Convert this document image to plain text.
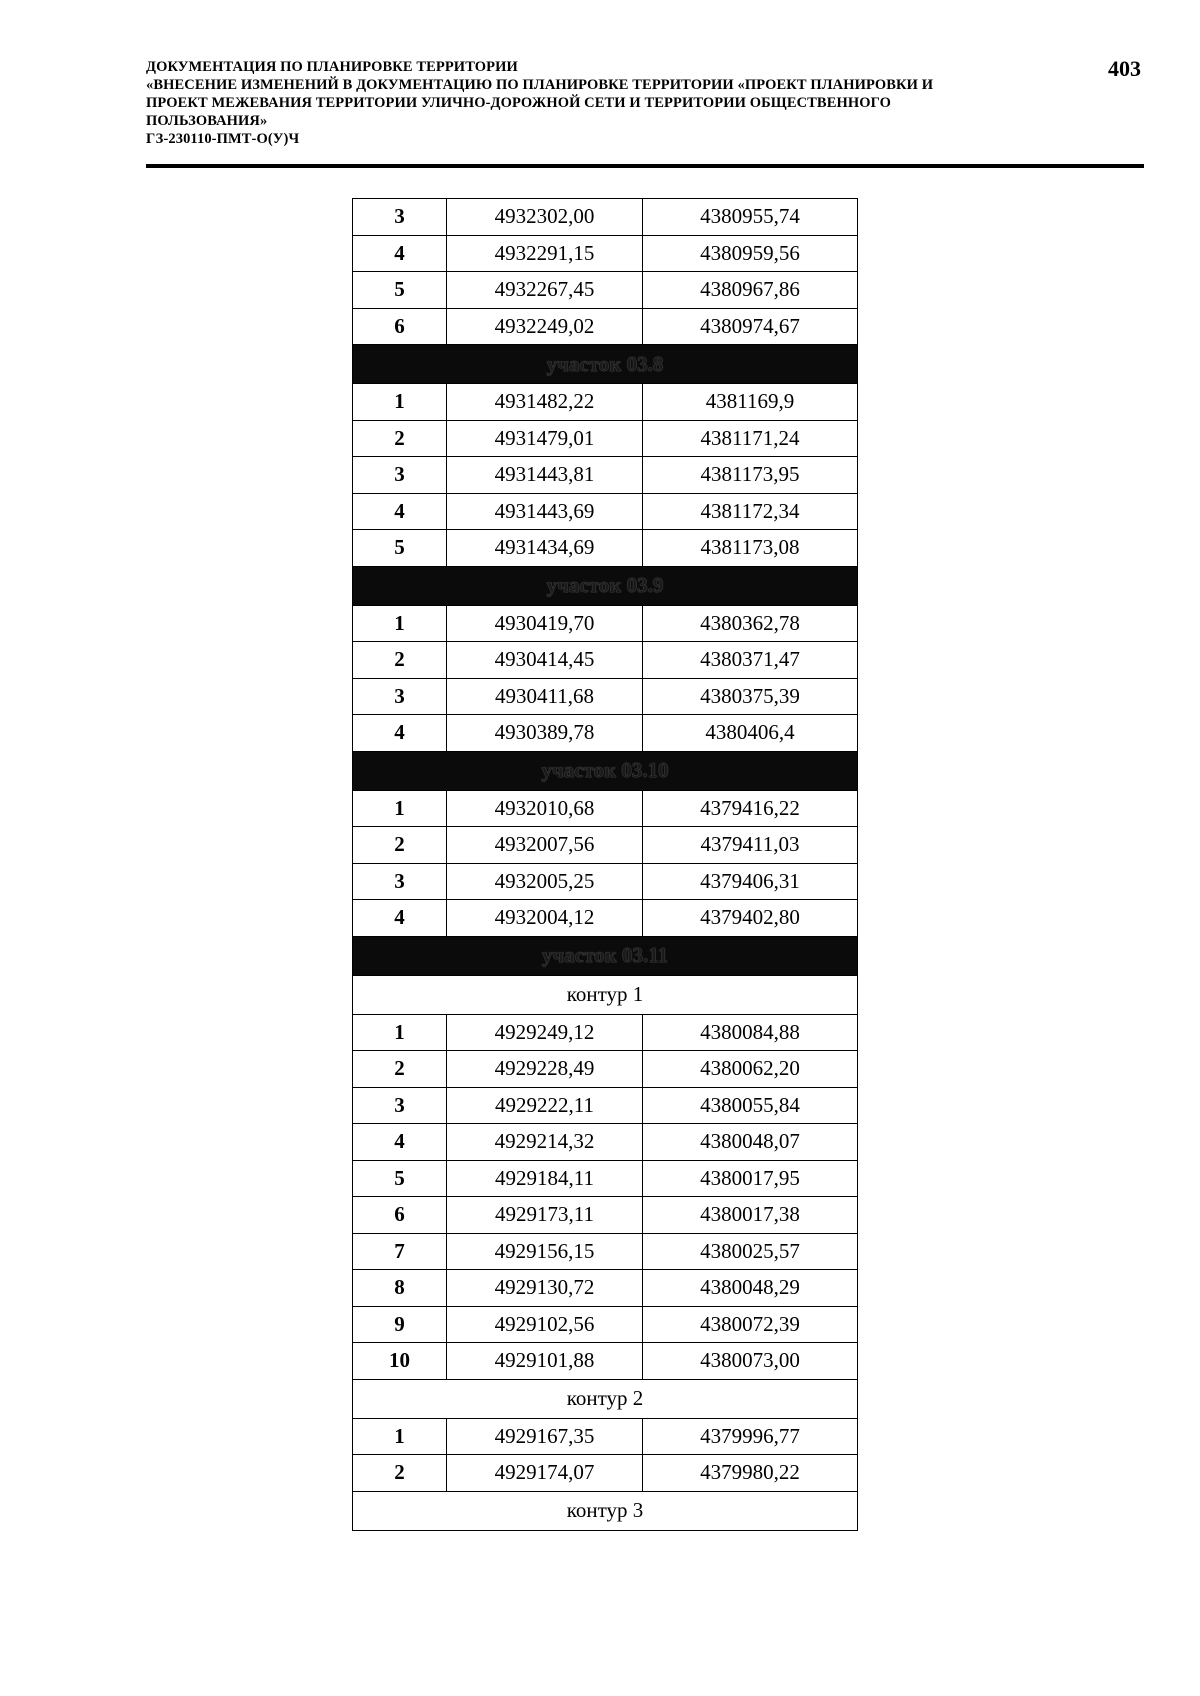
ДОКУМЕНТАЦИЯ ПО ПЛАНИРОВКЕ ТЕРРИТОРИИ
«ВНЕСЕНИЕ ИЗМЕНЕНИЙ В ДОКУМЕНТАЦИЮ ПО ПЛАНИРОВКЕ ТЕРРИТОРИИ «ПРОЕКТ ПЛАНИРОВКИ И
ПРОЕКТ МЕЖЕВАНИЯ ТЕРРИТОРИИ УЛИЧНО-ДОРОЖНОЙ СЕТИ И ТЕРРИТОРИИ ОБЩЕСТВЕННОГО
ПОЛЬЗОВАНИЯ»
ГЗ-230110-ПМТ-О(У)Ч
403
3	4932302,00	4380955,74
4	4932291,15	4380959,56
5	4932267,45	4380967,86
6	4932249,02	4380974,67
участок 03.8		
1	4931482,22	4381169,9
2	4931479,01	4381171,24
3	4931443,81	4381173,95
4	4931443,69	4381172,34
5	4931434,69	4381173,08
участок 03.9		
1	4930419,70	4380362,78
2	4930414,45	4380371,47
3	4930411,68	4380375,39
4	4930389,78	4380406,4
участок 03.10		
1	4932010,68	4379416,22
2	4932007,56	4379411,03
3	4932005,25	4379406,31
4	4932004,12	4379402,80
участок 03.11		
контур 1		
1	4929249,12	4380084,88
2	4929228,49	4380062,20
3	4929222,11	4380055,84
4	4929214,32	4380048,07
5	4929184,11	4380017,95
6	4929173,11	4380017,38
7	4929156,15	4380025,57
8	4929130,72	4380048,29
9	4929102,56	4380072,39
10	4929101,88	4380073,00
контур 2		
1	4929167,35	4379996,77
2	4929174,07	4379980,22
контур 3		
